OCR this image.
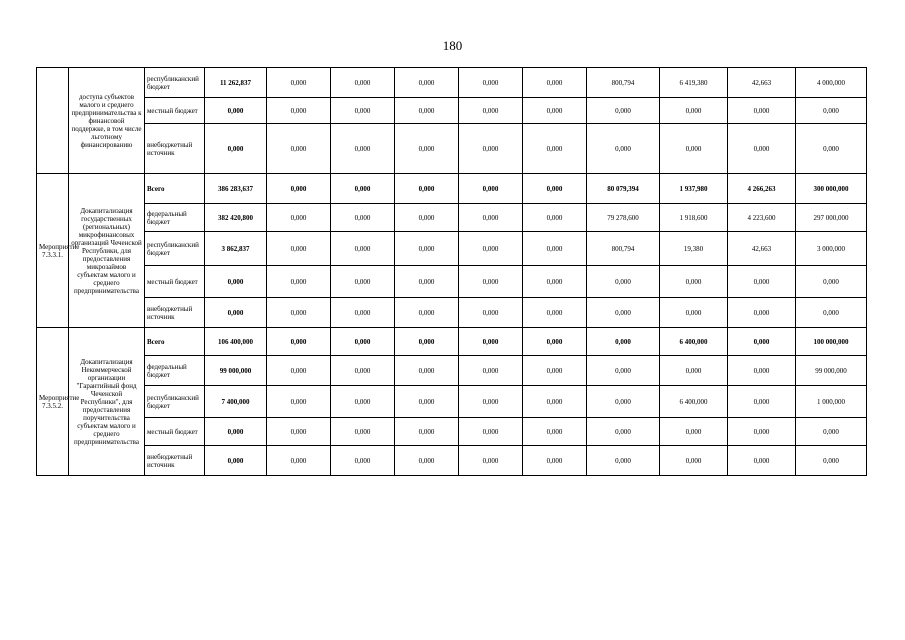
180

	доступа субъектов малого и среднего предпринимательства к финансовой поддержке, в том числе льготному финансированию	республиканский бюджет	11 262,837	0,000	0,000	0,000	0,000	0,000	800,794	6 419,380	42,663	4 000,000
		местный бюджет	0,000	0,000	0,000	0,000	0,000	0,000	0,000	0,000	0,000	0,000
		внебюджетный источник	0,000	0,000	0,000	0,000	0,000	0,000	0,000	0,000	0,000	0,000
Мероприятие 7.3.3.1.	Докапитализация государственных (региональных) микрофинансовых организаций Чеченской Республики, для предоставления микрозаймов субъектам малого и среднего предпринимательства	Всего	386 283,637	0,000	0,000	0,000	0,000	0,000	80 079,394	1 937,980	4 266,263	300 000,000
		федеральный бюджет	382 420,800	0,000	0,000	0,000	0,000	0,000	79 278,600	1 918,600	4 223,600	297 000,000
		республиканский бюджет	3 862,837	0,000	0,000	0,000	0,000	0,000	800,794	19,380	42,663	3 000,000
		местный бюджет	0,000	0,000	0,000	0,000	0,000	0,000	0,000	0,000	0,000	0,000
		внебюджетный источник	0,000	0,000	0,000	0,000	0,000	0,000	0,000	0,000	0,000	0,000
Мероприятие 7.3.5.2.	Докапитализация Некоммерческой организации "Гарантийный фонд Чеченской Республики", для предоставления поручительства субъектам малого и среднего предпринимательства	Всего	106 400,000	0,000	0,000	0,000	0,000	0,000	0,000	6 400,000	0,000	100 000,000
		федеральный бюджет	99 000,000	0,000	0,000	0,000	0,000	0,000	0,000	0,000	0,000	99 000,000
		республиканский бюджет	7 400,000	0,000	0,000	0,000	0,000	0,000	0,000	6 400,000	0,000	1 000,000
		местный бюджет	0,000	0,000	0,000	0,000	0,000	0,000	0,000	0,000	0,000	0,000
		внебюджетный источник	0,000	0,000	0,000	0,000	0,000	0,000	0,000	0,000	0,000	0,000
